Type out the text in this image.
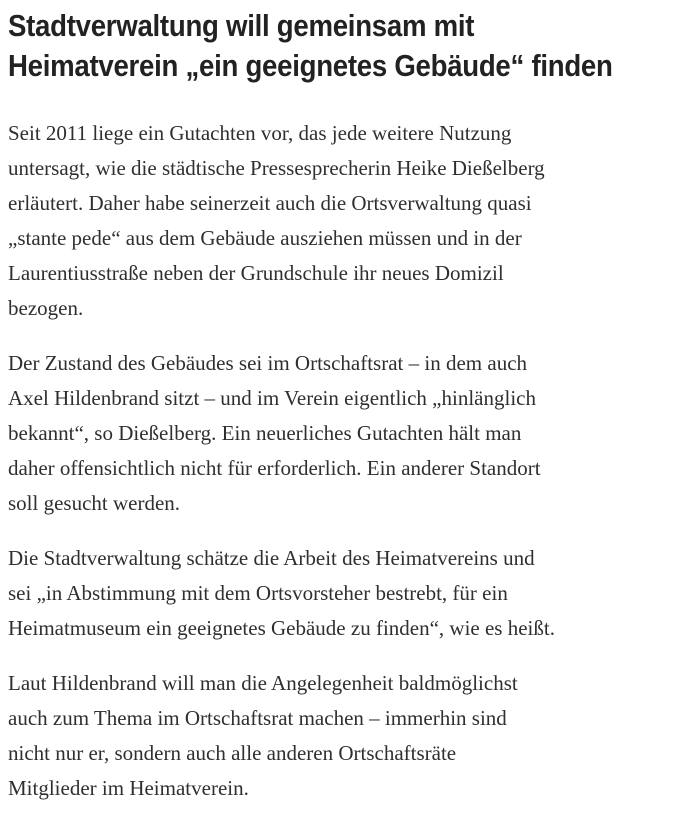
Stadtverwaltung will gemeinsam mit
Heimatverein „ein geeignetes Gebäude“ finden
Seit 2011 liege ein Gutachten vor, das jede weitere Nutzung
untersagt, wie die städtische Pressesprecherin Heike Dießelberg
erläutert. Daher habe seinerzeit auch die Ortsverwaltung quasi
„stante pede“ aus dem Gebäude ausziehen müssen und in der
Laurentiusstraße neben der Grundschule ihr neues Domizil
bezogen.
Der Zustand des Gebäudes sei im Ortschaftsrat – in dem auch
Axel Hildenbrand sitzt – und im Verein eigentlich „hinlänglich
bekannt“, so Dießelberg. Ein neuerliches Gutachten hält man
daher offensichtlich nicht für erforderlich. Ein anderer Standort
soll gesucht werden.
Die Stadtverwaltung schätze die Arbeit des Heimatvereins und
sei „in Abstimmung mit dem Ortsvorsteher bestrebt, für ein
Heimatmuseum ein geeignetes Gebäude zu finden“, wie es heißt.
Laut Hildenbrand will man die Angelegenheit baldmöglichst
auch zum Thema im Ortschaftsrat machen – immerhin sind
nicht nur er, sondern auch alle anderen Ortschaftsräte
Mitglieder im Heimatverein.
